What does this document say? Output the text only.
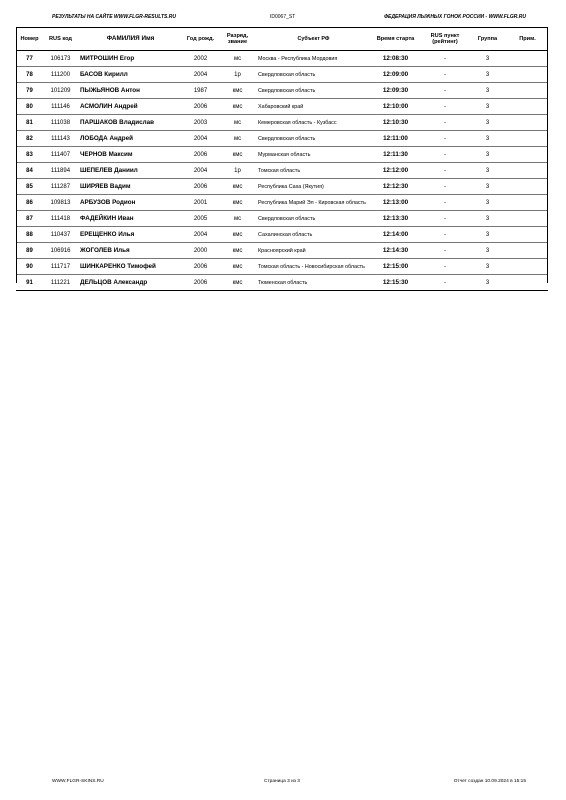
РЕЗУЛЬТАТЫ НА САЙТЕ WWW.FLGR-RESULTS.RU	ID0067_ST	ФЕДЕРАЦИЯ ЛЫЖНЫХ ГОНОК РОССИИ - WWW.FLGR.RU
Номер	RUS код	ФАМИЛИЯ Имя	Год рожд.	Разряд, звание	Субъект РФ	Время старта	RUS пункт (рейтинг)	Группа	Прим.
77	106173	МИТРОШИН Егор	2002	мс	Москва - Республика Мордовия	12:08:30	-	3	
78	111200	БАСОВ Кирилл	2004	1р	Свердловская область	12:09:00	-	3	
79	101209	ПЫЖЬЯНОВ Антон	1987	кмс	Свердловская область	12:09:30	-	3	
80	111146	АСМОЛИН Андрей	2006	кмс	Хабаровский край	12:10:00	-	3	
81	111038	ПАРШАКОВ Владислав	2003	мс	Кемеровская область - Кузбасс	12:10:30	-	3	
82	111143	ЛОБОДА Андрей	2004	мс	Свердловская область	12:11:00	-	3	
83	111407	ЧЕРНОВ Максим	2006	кмс	Мурманская область	12:11:30	-	3	
84	111894	ШЕПЕЛЕВ Даниил	2004	1р	Томская область	12:12:00	-	3	
85	111287	ШИРЯЕВ Вадим	2006	кмс	Республика Саха (Якутия)	12:12:30	-	3	
86	109813	АРБУЗОВ Родион	2001	кмс	Республика Марий Эл - Кировская область	12:13:00	-	3	
87	111418	ФАДЕЙКИН Иван	2005	мс	Свердловская область	12:13:30	-	3	
88	110437	ЕРЕЩЕНКО Илья	2004	кмс	Сахалинская область	12:14:00	-	3	
89	106916	ЖОГОЛЕВ Илья	2000	кмс	Красноярский край	12:14:30	-	3	
90	111717	ШИНКАРЕНКО Тимофей	2006	кмс	Томская область - Новосибирская область	12:15:00	-	3	
91	111221	ДЕЛЬЦОВ Александр	2006	кмс	Тюменская область	12:15:30	-	3	
WWW.FLGR-SKINS.RU	Страница 3 из 3	Отчет создан 10.09.2024 в 15:15
